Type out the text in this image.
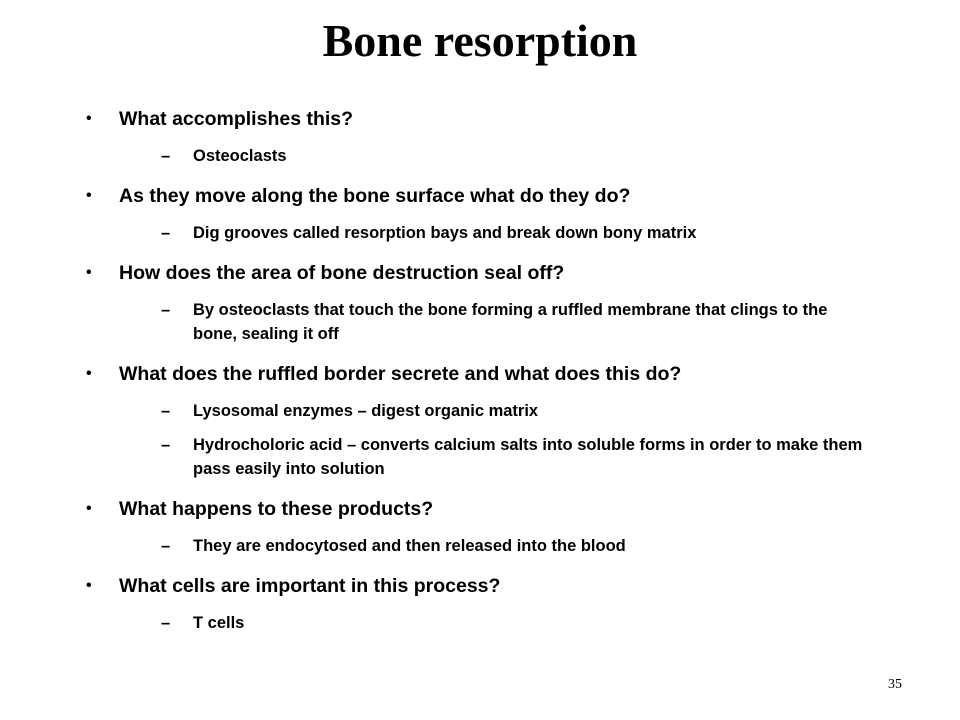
Bone resorption
• What accomplishes this?
– Osteoclasts
• As they move along the bone surface what do they do?
– Dig grooves called resorption bays and break down bony matrix
• How does the area of bone destruction seal off?
– By osteoclasts that touch the bone forming a ruffled membrane that clings to the bone, sealing it off
• What does the ruffled border secrete and what does this do?
– Lysosomal enzymes – digest organic matrix
– Hydrocholoric acid – converts calcium salts into soluble forms in order to make them pass easily into solution
• What happens to these products?
– They are endocytosed and then released into the blood
• What cells are important in this process?
– T cells
35
